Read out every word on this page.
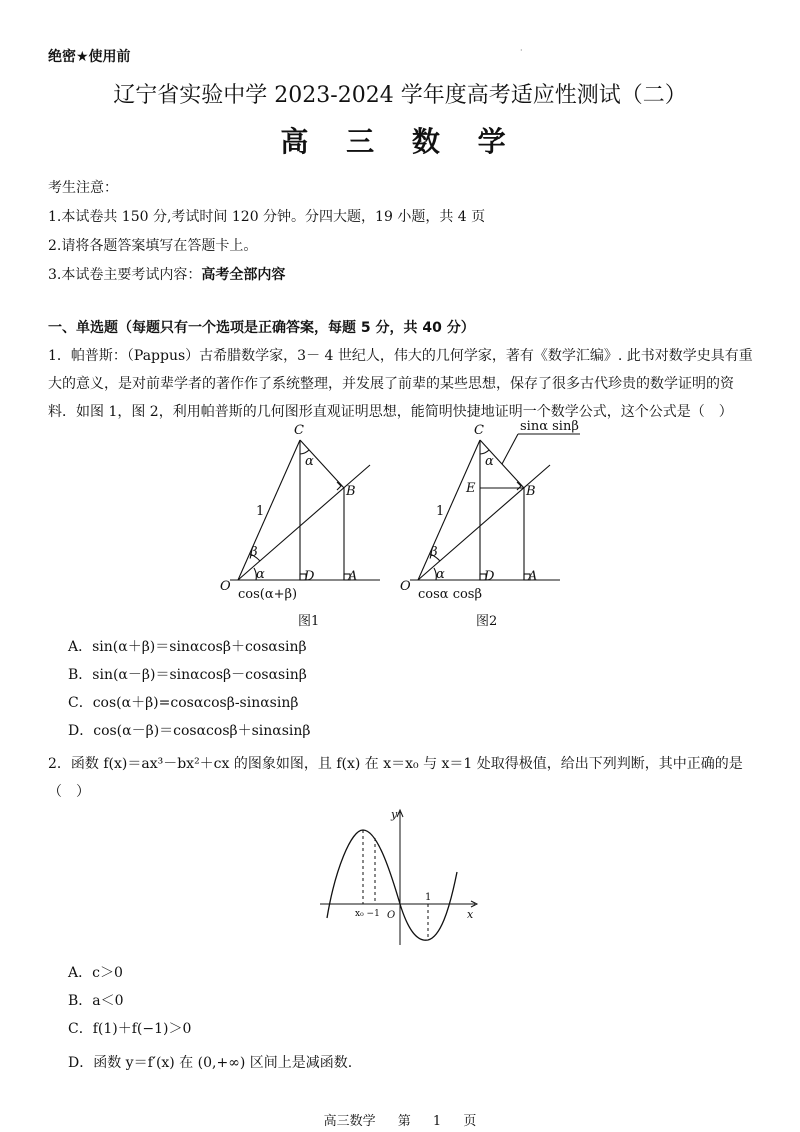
绝密★使用前	·
辽宁省实验中学 2023-2024 学年度高考适应性测试（二）
高 三 数 学
考生注意：
1.本试卷共 150 分,考试时间 120 分钟。分四大题，19 小题，共 4 页
2.请将各题答案填写在答题卡上。
3.本试卷主要考试内容：高考全部内容
一、单选题（每题只有一个选项是正确答案，每题 5 分，共 40 分）
1．帕普斯：（Pappus）古希腊数学家，3－ 4 世纪人，伟大的几何学家，著有《数学汇编》. 此书对数学史具有重大的意义，是对前辈学者的著作作了系统整理，并发展了前辈的某些思想，保存了很多古代珍贵的数学证明的资料．如图 1，图 2，利用帕普斯的几何图形直观证明思想，能简明快捷地证明一个数学公式，这个公式是（　）
C
α
B
1
β
α
O
D	A
cos(α+β)
图1
C
α
B
E
1
β
α
O
D	A
cosα cosβ
sinα sinβ
图2
A．sin(α＋β)＝sinαcosβ＋cosαsinβ
B．sin(α－β)＝sinαcosβ－cosαsinβ
C．cos(α＋β)=cosαcosβ-sinαsinβ
D．cos(α－β)＝cosαcosβ＋sinαsinβ
2．函数 f(x)＝ax³－bx²＋cx 的图象如图，且 f(x) 在 x＝x₀ 与 x＝1 处取得极值，给出下列判断，其中正确的是（　）
y
x
O
x₀ −1
1
A．c＞0
B．a＜0
C．f(1)＋f(−1)＞0
D．函数 y＝f′(x) 在 (0,+∞) 区间上是减函数.
高三数学 第 1 页
